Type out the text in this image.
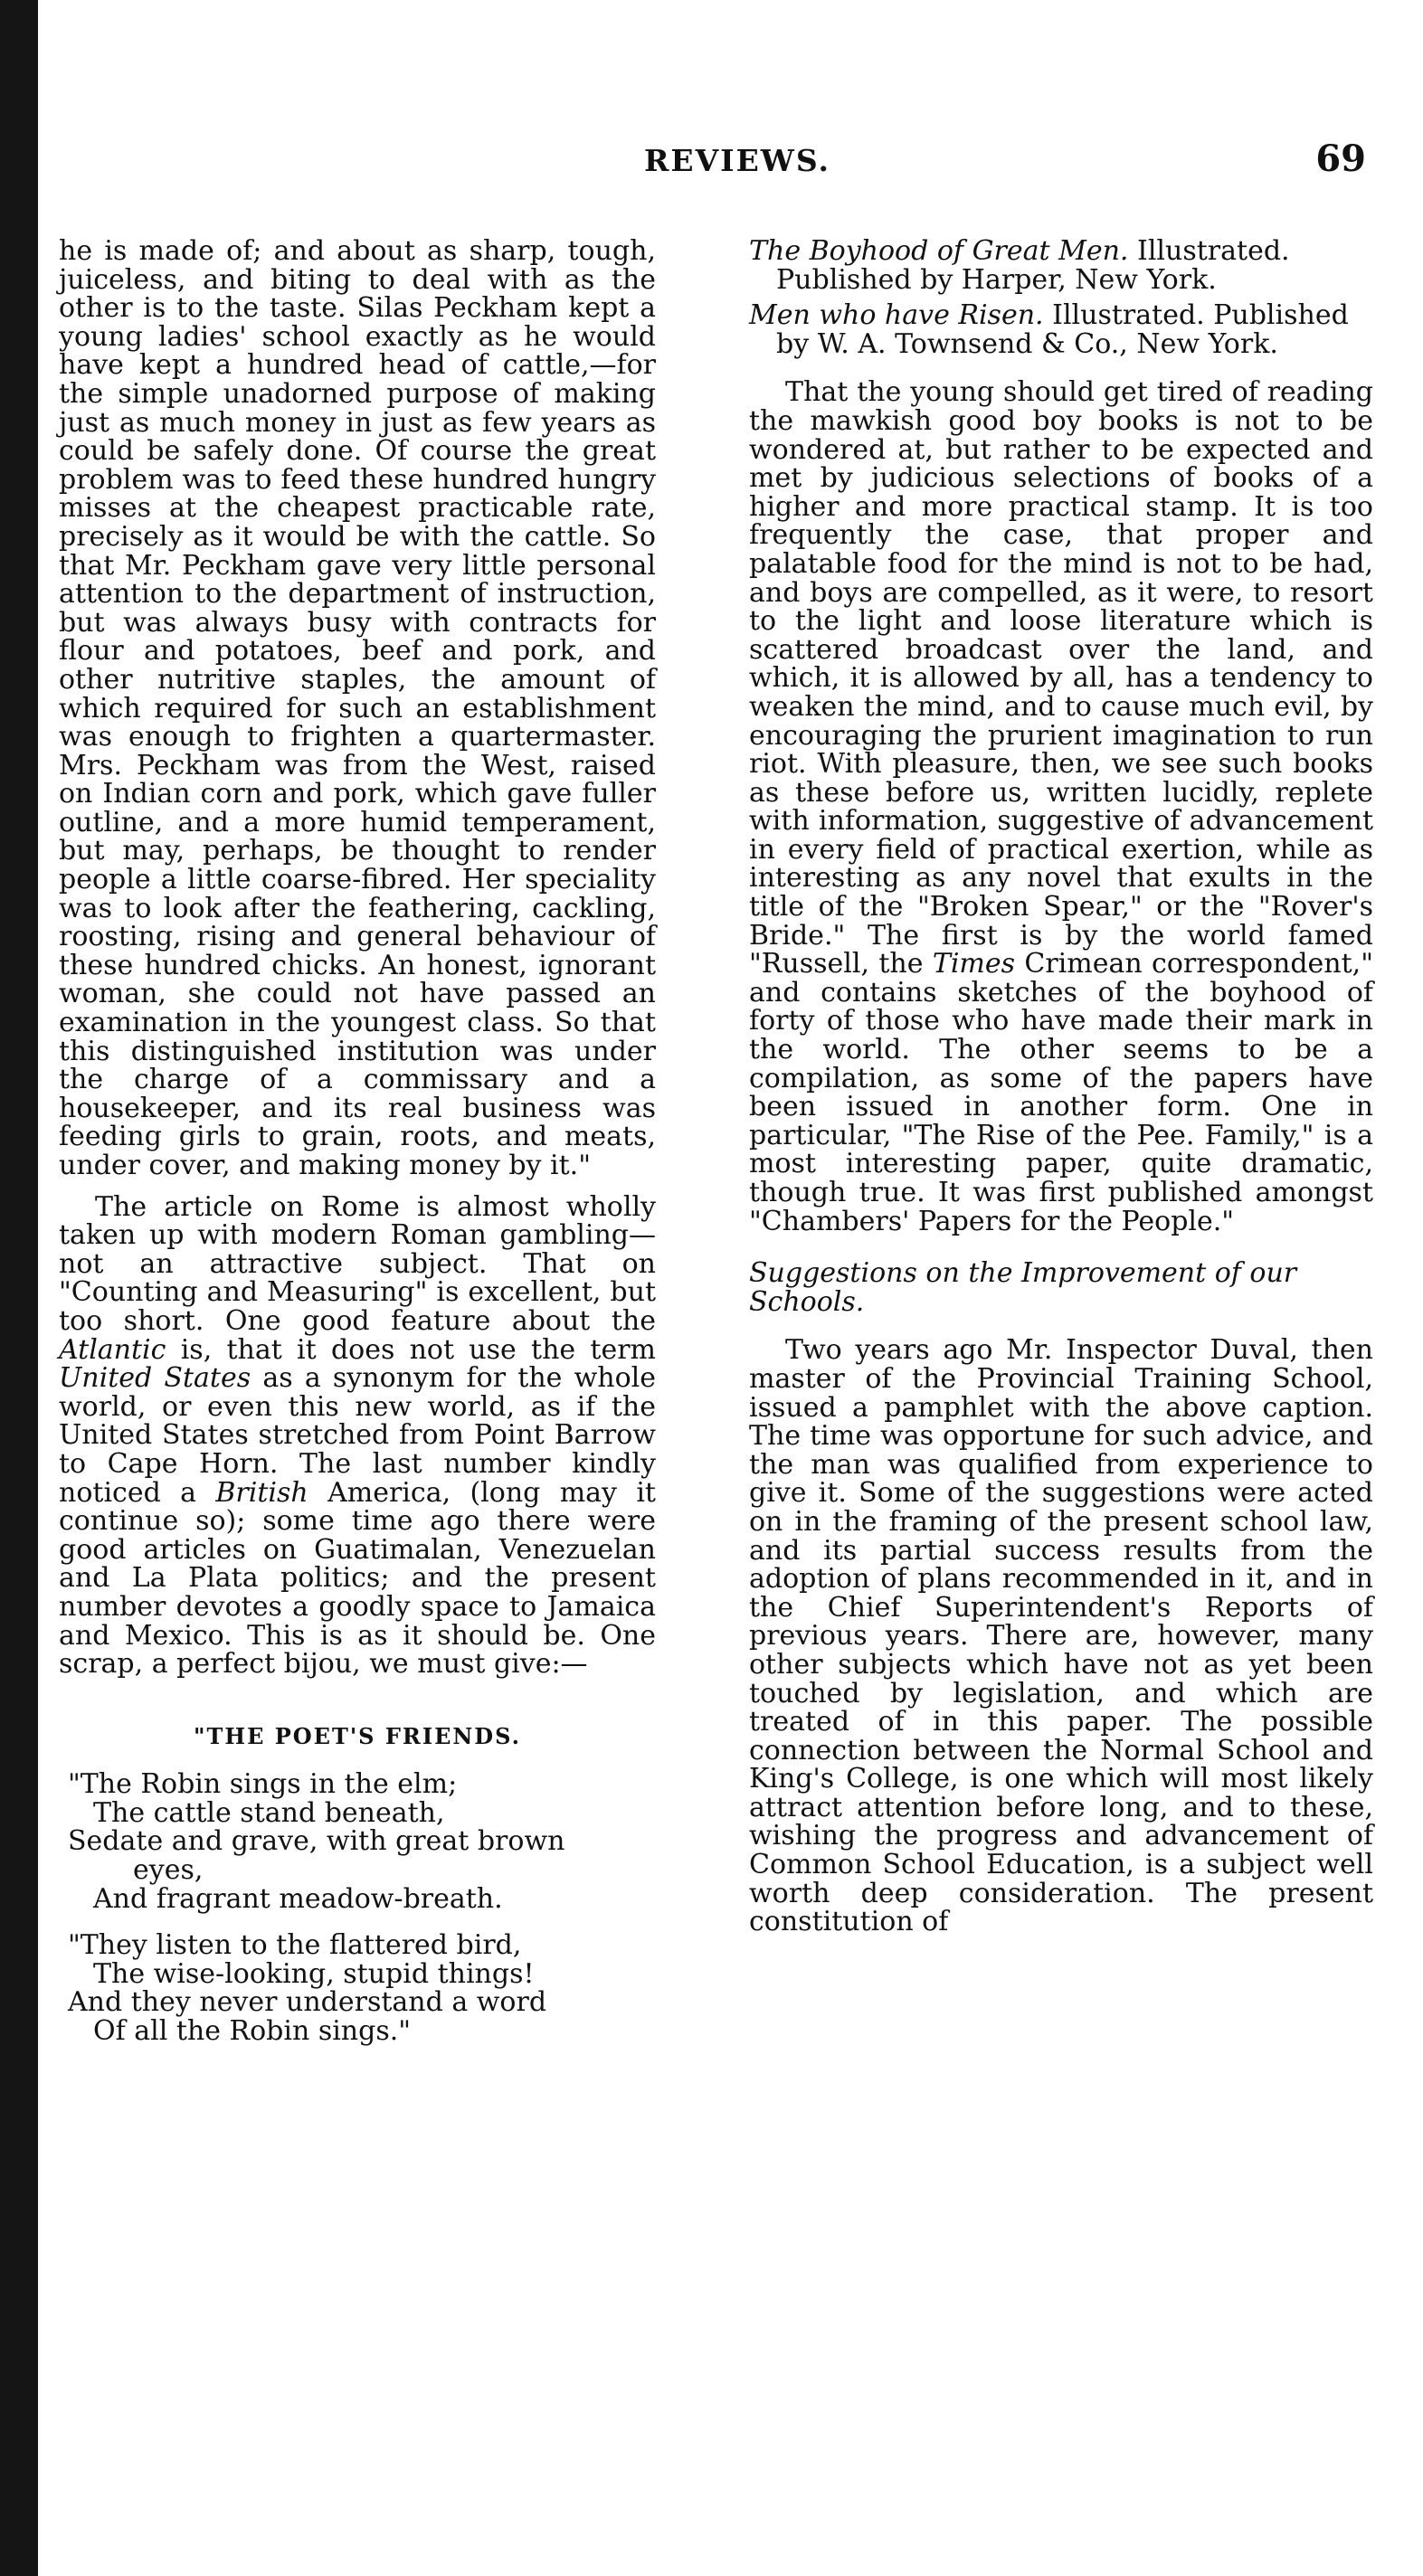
REVIEWS.	69

he is made of; and about as sharp, tough, juiceless, and biting to deal with as the other is to the taste. Silas Peckham kept a young ladies' school exactly as he would have kept a hundred head of cattle,—for the simple unadorned purpose of making just as much money in just as few years as could be safely done. Of course the great problem was to feed these hundred hungry misses at the cheapest practicable rate, precisely as it would be with the cattle. So that Mr. Peckham gave very little personal attention to the department of instruction, but was always busy with contracts for flour and potatoes, beef and pork, and other nutritive staples, the amount of which required for such an establishment was enough to frighten a quartermaster. Mrs. Peckham was from the West, raised on Indian corn and pork, which gave fuller outline, and a more humid temperament, but may, perhaps, be thought to render people a little coarse-fibred. Her speciality was to look after the feathering, cackling, roosting, rising and general behaviour of these hundred chicks. An honest, ignorant woman, she could not have passed an examination in the youngest class. So that this distinguished institution was under the charge of a commissary and a housekeeper, and its real business was feeding girls to grain, roots, and meats, under cover, and making money by it."

The article on Rome is almost wholly taken up with modern Roman gambling—not an attractive subject. That on "Counting and Measuring" is excellent, but too short. One good feature about the Atlantic is, that it does not use the term United States as a synonym for the whole world, or even this new world, as if the United States stretched from Point Barrow to Cape Horn. The last number kindly noticed a British America, (long may it continue so); some time ago there were good articles on Guatimalan, Venezuelan and La Plata politics; and the present number devotes a goodly space to Jamaica and Mexico. This is as it should be. One scrap, a perfect bijou, we must give:—

"THE POET'S FRIENDS.
"The Robin sings in the elm;
The cattle stand beneath,
Sedate and grave, with great brown
eyes,
And fragrant meadow-breath.
"They listen to the flattered bird,
The wise-looking, stupid things!
And they never understand a word
Of all the Robin sings."

The Boyhood of Great Men. Illustrated. Published by Harper, New York.

Men who have Risen. Illustrated. Published by W. A. Townsend & Co., New York.

That the young should get tired of reading the mawkish good boy books is not to be wondered at, but rather to be expected and met by judicious selections of books of a higher and more practical stamp. It is too frequently the case, that proper and palatable food for the mind is not to be had, and boys are compelled, as it were, to resort to the light and loose literature which is scattered broadcast over the land, and which, it is allowed by all, has a tendency to weaken the mind, and to cause much evil, by encouraging the prurient imagination to run riot. With pleasure, then, we see such books as these before us, written lucidly, replete with information, suggestive of advancement in every field of practical exertion, while as interesting as any novel that exults in the title of the "Broken Spear," or the "Rover's Bride." The first is by the world famed "Russell, the Times Crimean correspondent," and contains sketches of the boyhood of forty of those who have made their mark in the world. The other seems to be a compilation, as some of the papers have been issued in another form. One in particular, "The Rise of the Pee. Family," is a most interesting paper, quite dramatic, though true. It was first published amongst "Chambers' Papers for the People."

Suggestions on the Improvement of our Schools.

Two years ago Mr. Inspector Duval, then master of the Provincial Training School, issued a pamphlet with the above caption. The time was opportune for such advice, and the man was qualified from experience to give it. Some of the suggestions were acted on in the framing of the present school law, and its partial success results from the adoption of plans recommended in it, and in the Chief Superintendent's Reports of previous years. There are, however, many other subjects which have not as yet been touched by legislation, and which are treated of in this paper. The possible connection between the Normal School and King's College, is one which will most likely attract attention before long, and to these, wishing the progress and advancement of Common School Education, is a subject well worth deep consideration. The present constitution of
